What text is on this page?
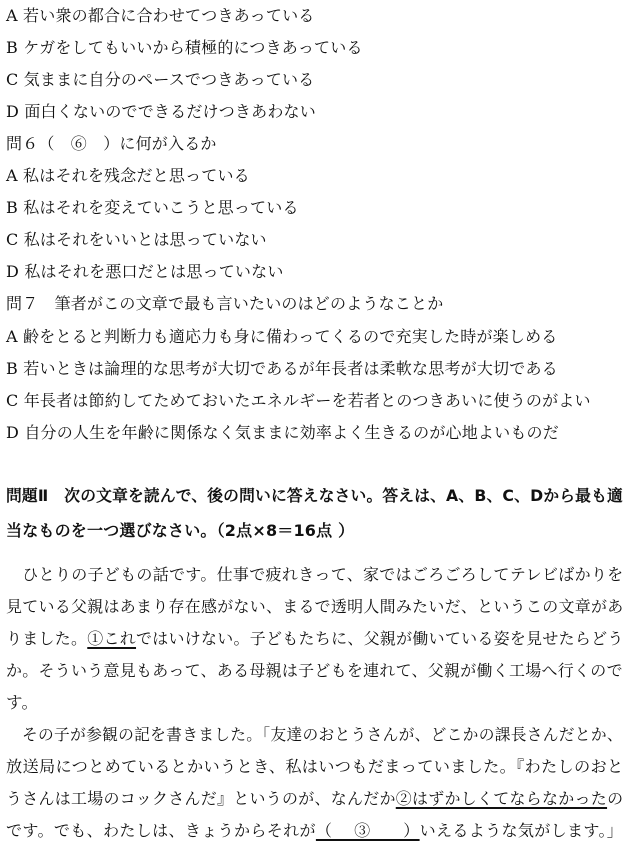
A 若い衆の都合に合わせてつきあっている
B ケガをしてもいいから積極的につきあっている
C 気ままに自分のペースでつきあっている
D 面白くないのでできるだけつきあわない
問６（　⑥　）に何が入るか
A 私はそれを残念だと思っている
B 私はそれを変えていこうと思っている
C 私はそれをいいとは思っていない
D 私はそれを悪口だとは思っていない
問７　筆者がこの文章で最も言いたいのはどのようなことか
A 齢をとると判断力も適応力も身に備わってくるので充実した時が楽しめる
B 若いときは論理的な思考が大切であるが年長者は柔軟な思考が大切である
C 年長者は節約してためておいたエネルギーを若者とのつきあいに使うのがよい
D 自分の人生を年齢に関係なく気ままに効率よく生きるのが心地よいものだ
問題Ⅱ　次の文章を読んで、後の問いに答えなさい。答えは、A、B、C、Dから最も適
当なものを一つ選びなさい。（2点×8＝16点 ）
　ひとりの子どもの話です。仕事で疲れきって、家ではごろごろしてテレビばかりを
見ている父親はあまり存在感がない、まるで透明人間みたいだ、というこの文章があ
りました。①これではいけない。子どもたちに、父親が働いている姿を見せたらどう
か。そういう意見もあって、ある母親は子どもを連れて、父親が働く工場へ行くので
す。
　その子が参観の記を書きました。「友達のおとうさんが、どこかの課長さんだとか、
放送局につとめているとかいうとき、私はいつもだまっていました。『わたしのおと
うさんは工場のコックさんだ』というのが、なんだか②はずかしくてならなかったの
です。でも、わたしは、きょうからそれが（　 ③　　）いえるような気がします。」
